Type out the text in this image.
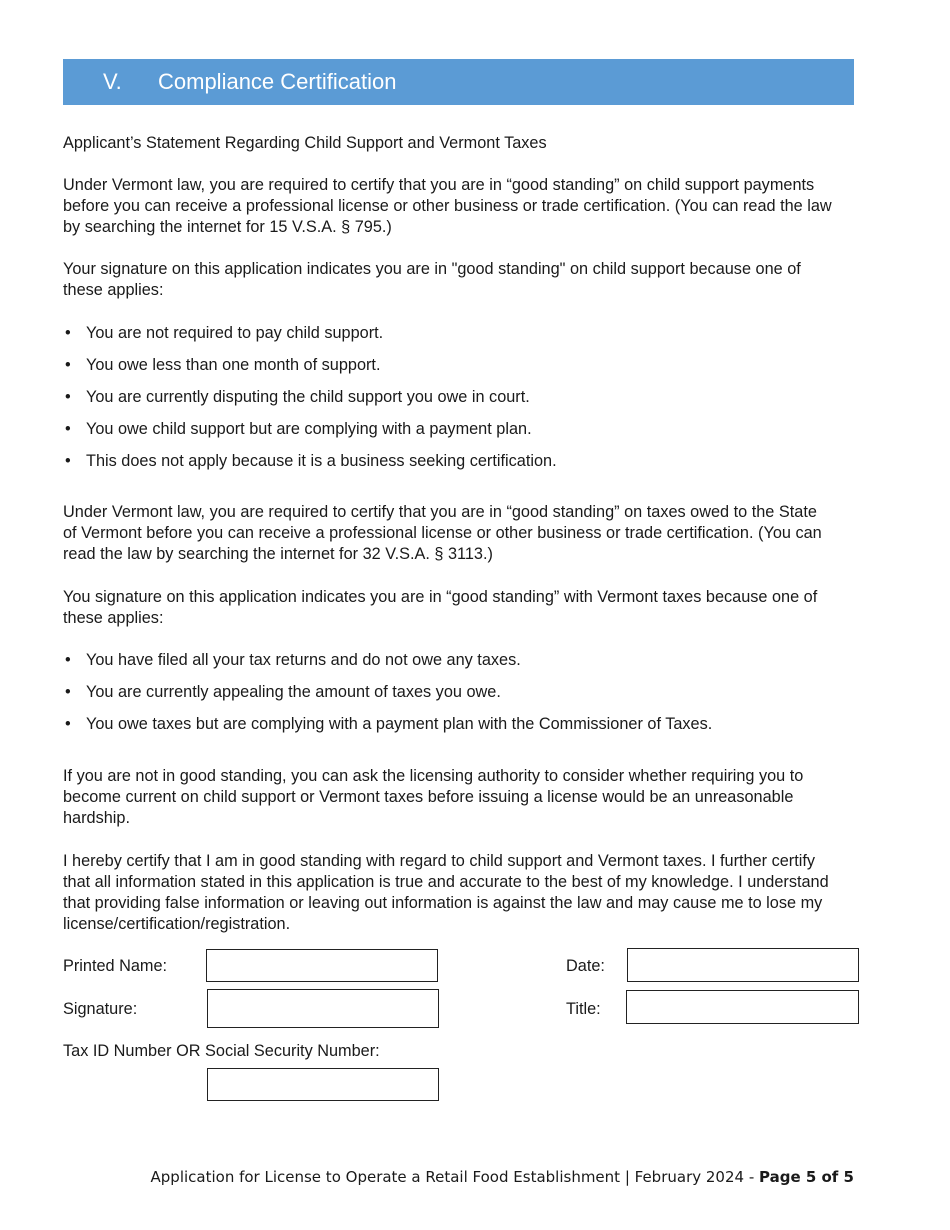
V. Compliance Certification

Applicant’s Statement Regarding Child Support and Vermont Taxes

Under Vermont law, you are required to certify that you are in “good standing” on child support payments before you can receive a professional license or other business or trade certification. (You can read the law by searching the internet for 15 V.S.A. § 795.)

Your signature on this application indicates you are in "good standing" on child support because one of these applies:

• You are not required to pay child support.
• You owe less than one month of support.
• You are currently disputing the child support you owe in court.
• You owe child support but are complying with a payment plan.
• This does not apply because it is a business seeking certification.

Under Vermont law, you are required to certify that you are in “good standing” on taxes owed to the State of Vermont before you can receive a professional license or other business or trade certification. (You can read the law by searching the internet for 32 V.S.A. § 3113.)

You signature on this application indicates you are in “good standing” with Vermont taxes because one of these applies:

• You have filed all your tax returns and do not owe any taxes.
• You are currently appealing the amount of taxes you owe.
• You owe taxes but are complying with a payment plan with the Commissioner of Taxes.

If you are not in good standing, you can ask the licensing authority to consider whether requiring you to become current on child support or Vermont taxes before issuing a license would be an unreasonable hardship.

I hereby certify that I am in good standing with regard to child support and Vermont taxes. I further certify that all information stated in this application is true and accurate to the best of my knowledge. I understand that providing false information or leaving out information is against the law and may cause me to lose my license/certification/registration.

Printed Name:	Date:
Signature:	Title:
Tax ID Number OR Social Security Number:
Application for License to Operate a Retail Food Establishment | February 2024 - Page 5 of 5
